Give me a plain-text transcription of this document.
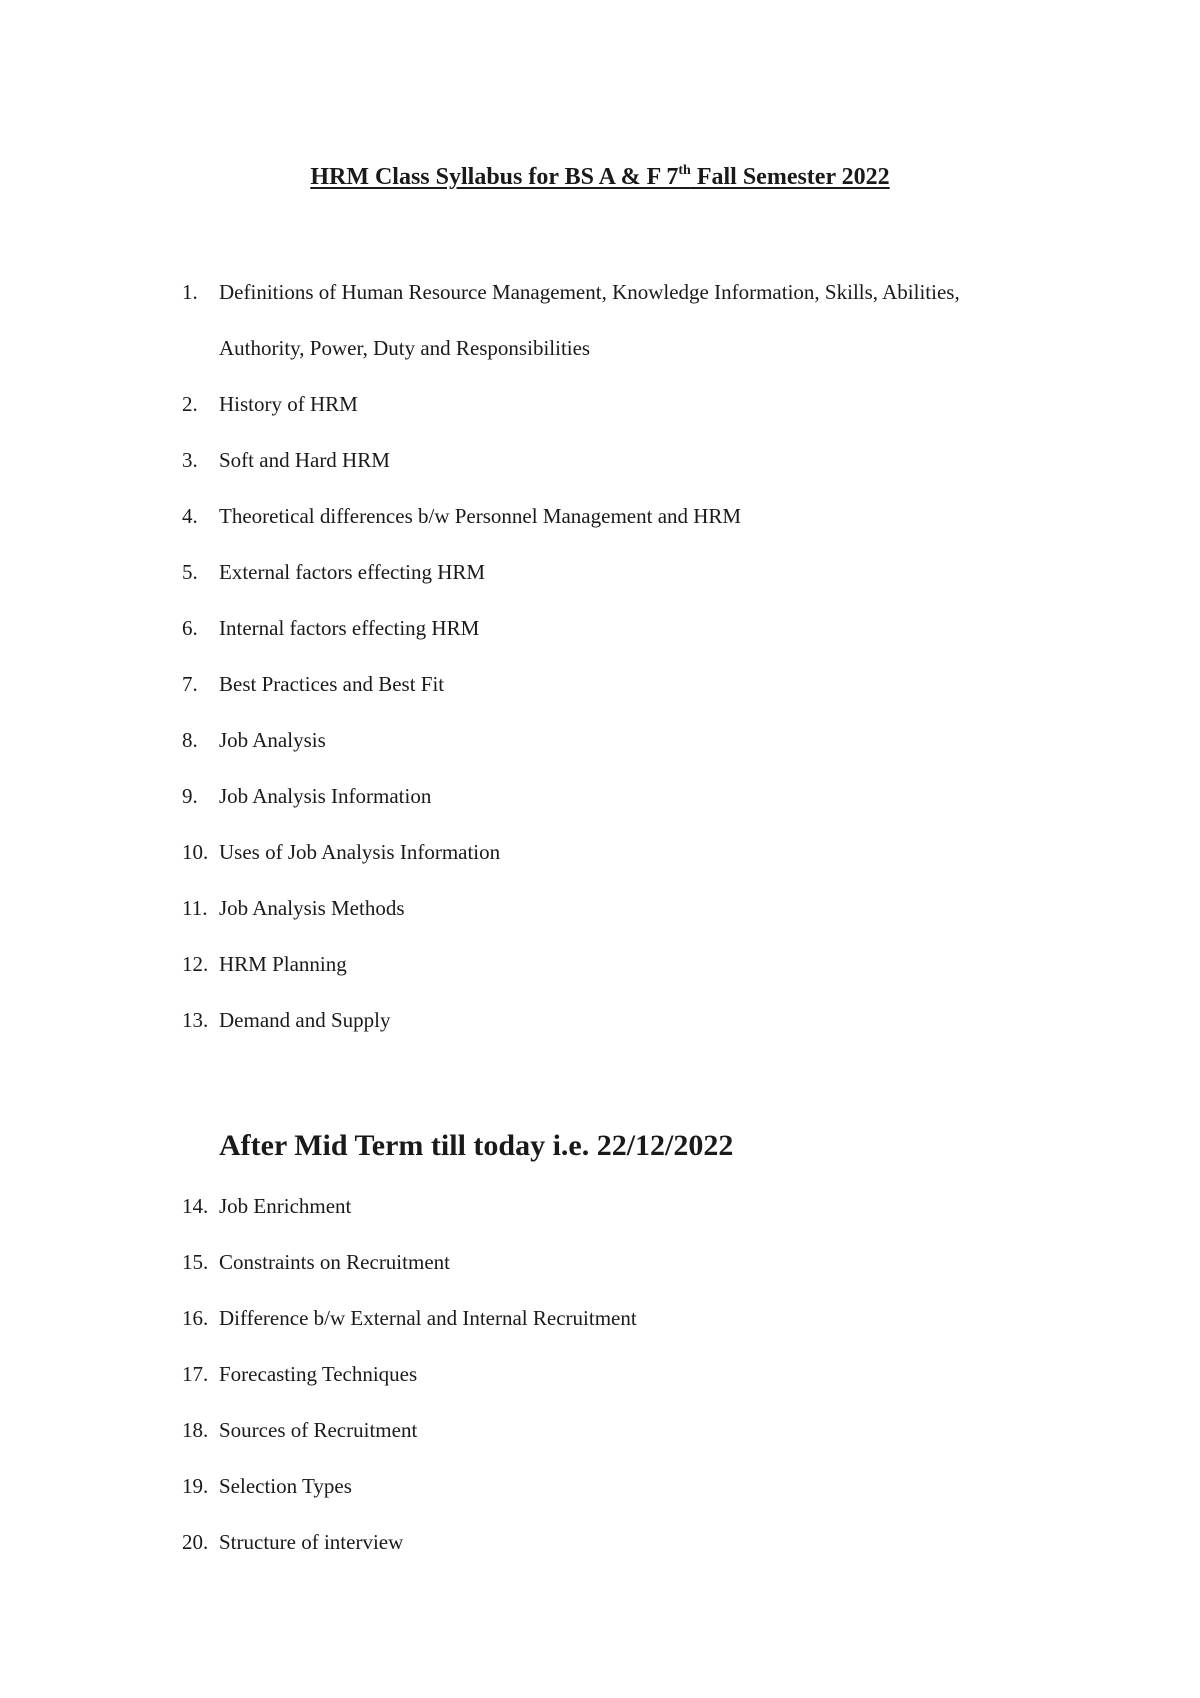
HRM Class Syllabus for BS A & F 7th Fall Semester 2022
1. Definitions of Human Resource Management, Knowledge Information, Skills, Abilities, Authority, Power, Duty and Responsibilities
2. History of HRM
3. Soft and Hard HRM
4. Theoretical differences b/w Personnel Management and HRM
5. External factors effecting HRM
6. Internal factors effecting HRM
7. Best Practices and Best Fit
8. Job Analysis
9. Job Analysis Information
10. Uses of Job Analysis Information
11. Job Analysis Methods
12. HRM Planning
13. Demand and Supply
After Mid Term till today i.e. 22/12/2022
14. Job Enrichment
15. Constraints on Recruitment
16. Difference b/w External and Internal Recruitment
17. Forecasting Techniques
18. Sources of Recruitment
19. Selection Types
20. Structure of interview
